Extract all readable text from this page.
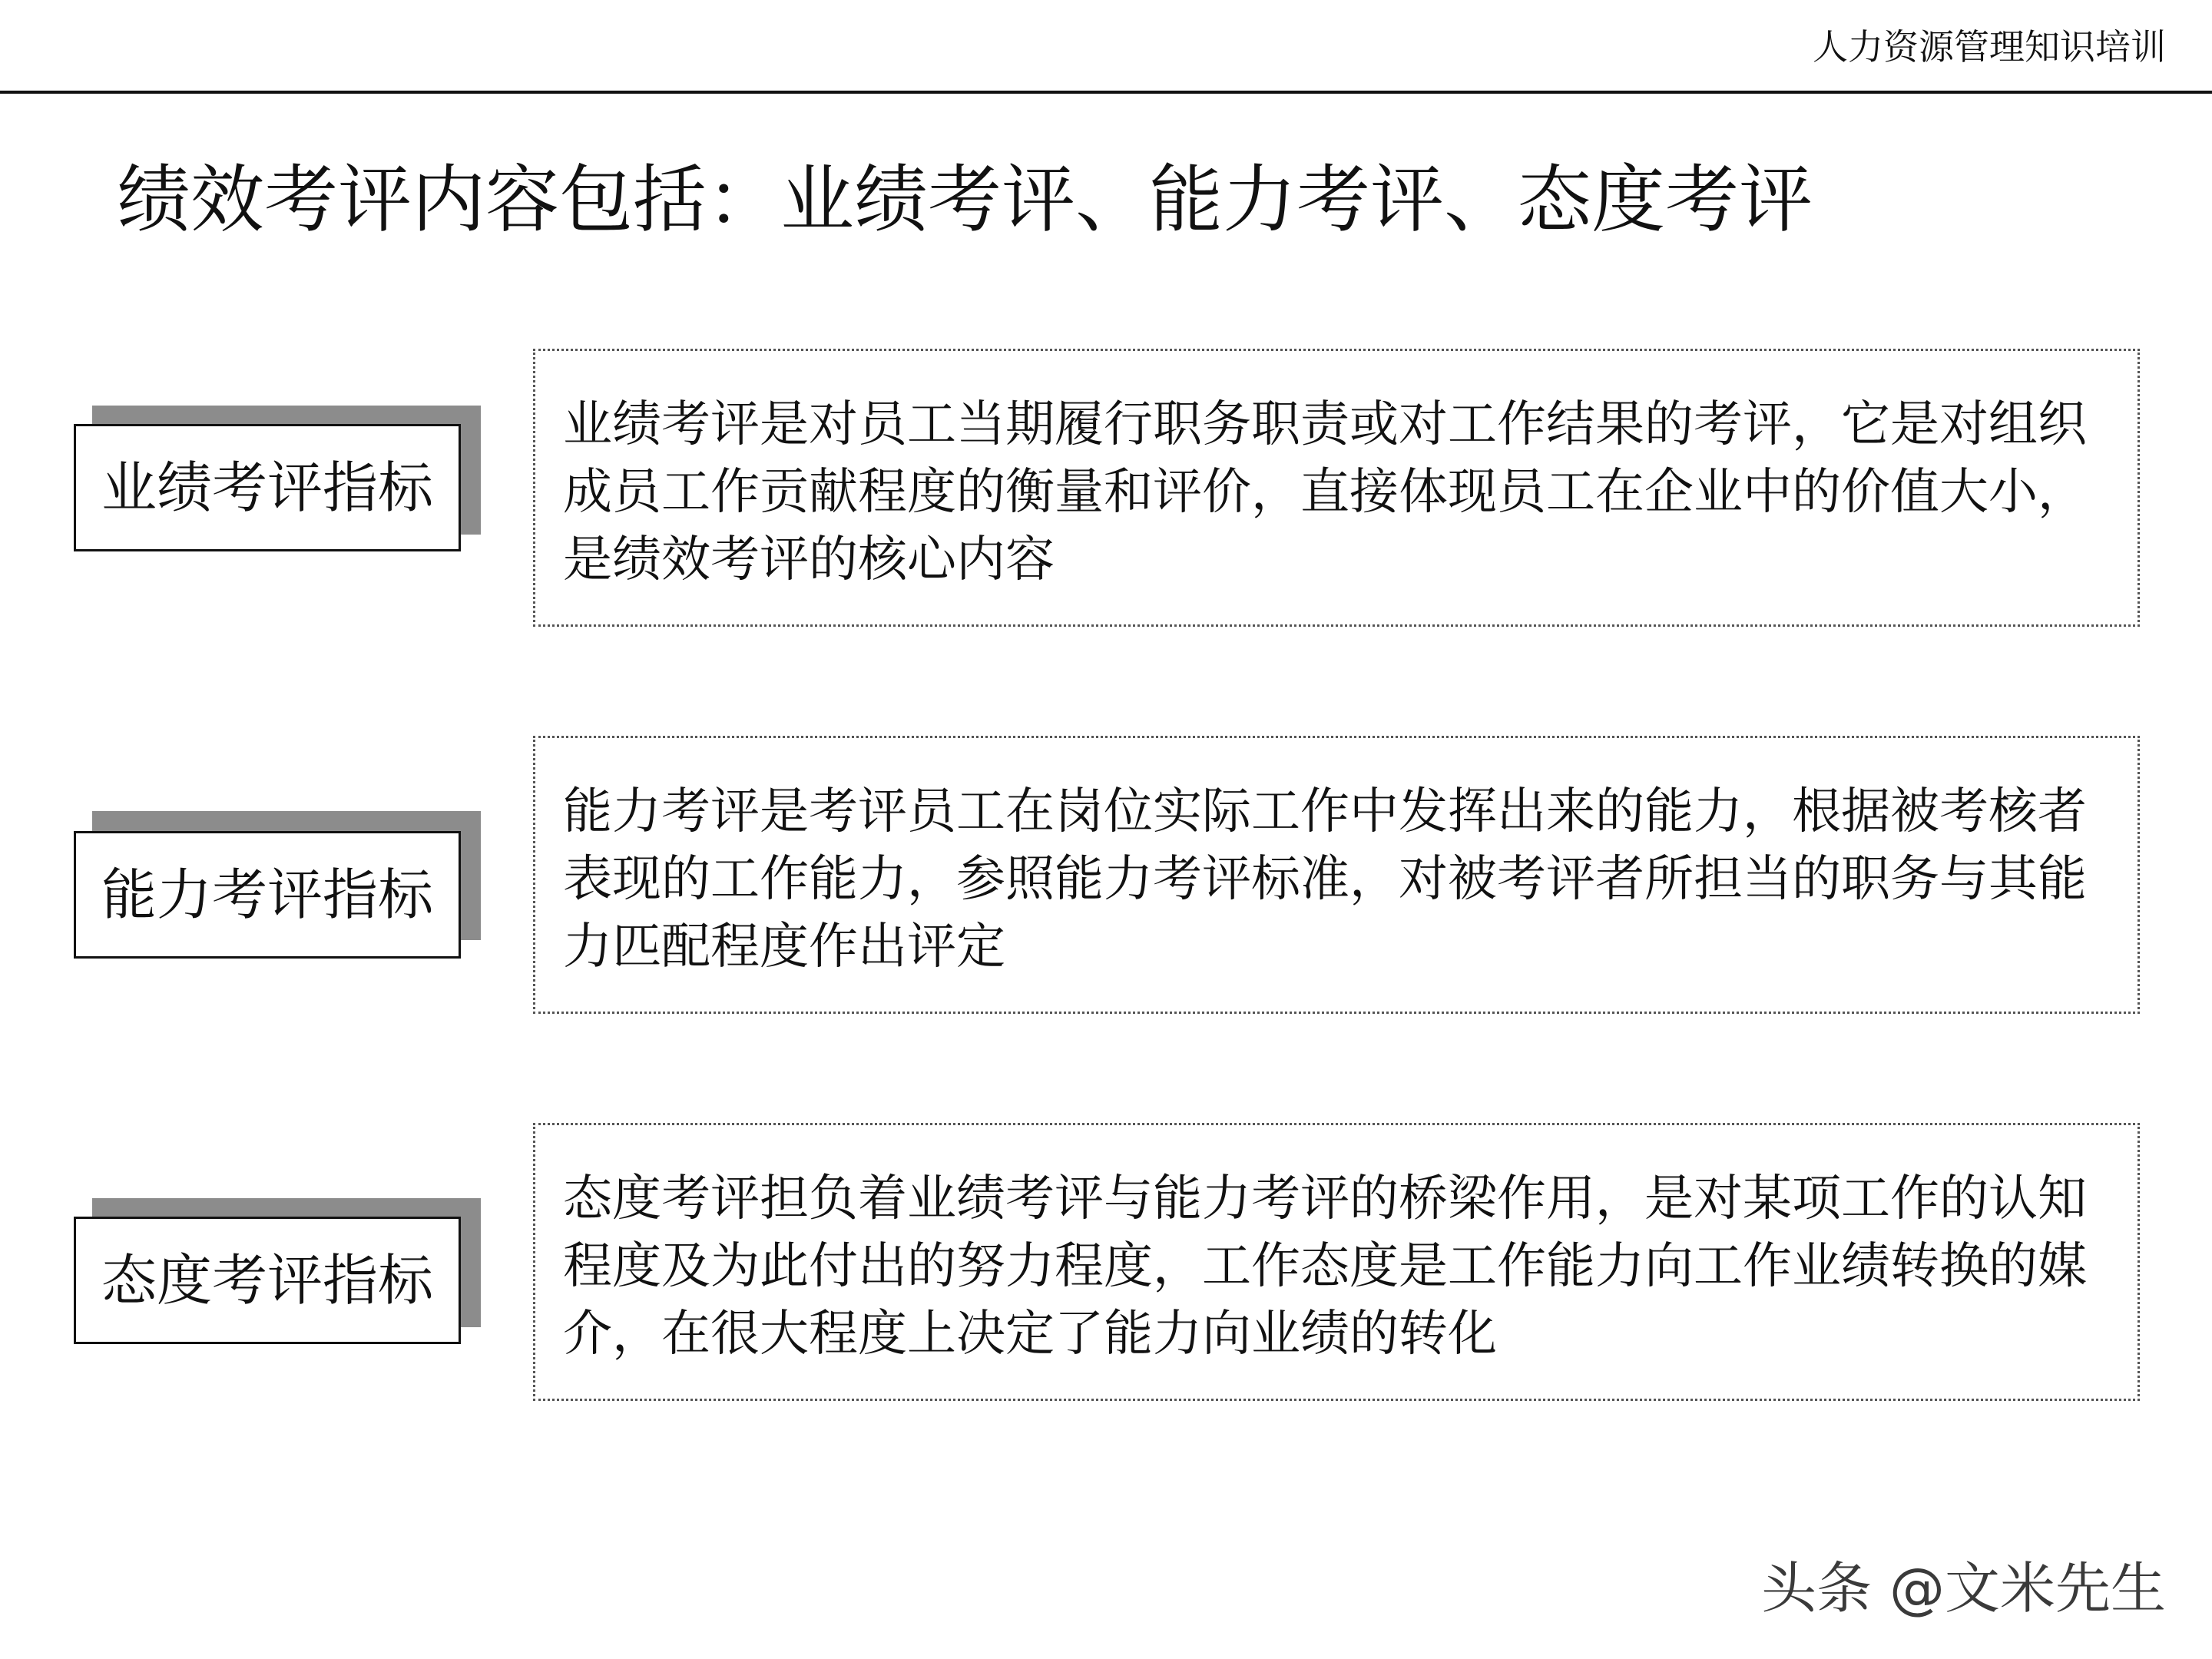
人力资源管理知识培训
绩效考评内容包括：业绩考评、能力考评、态度考评
业绩考评是对员工当期履行职务职责或对工作结果的考评，它是对组织成员工作贡献程度的衡量和评价，直接体现员工在企业中的价值大小，是绩效考评的核心内容
业绩考评指标
能力考评是考评员工在岗位实际工作中发挥出来的能力，根据被考核者表现的工作能力，参照能力考评标准，对被考评者所担当的职务与其能力匹配程度作出评定
能力考评指标
态度考评担负着业绩考评与能力考评的桥梁作用，是对某项工作的认知程度及为此付出的努力程度，工作态度是工作能力向工作业绩转换的媒介，在很大程度上决定了能力向业绩的转化
态度考评指标
头条 @文米先生
